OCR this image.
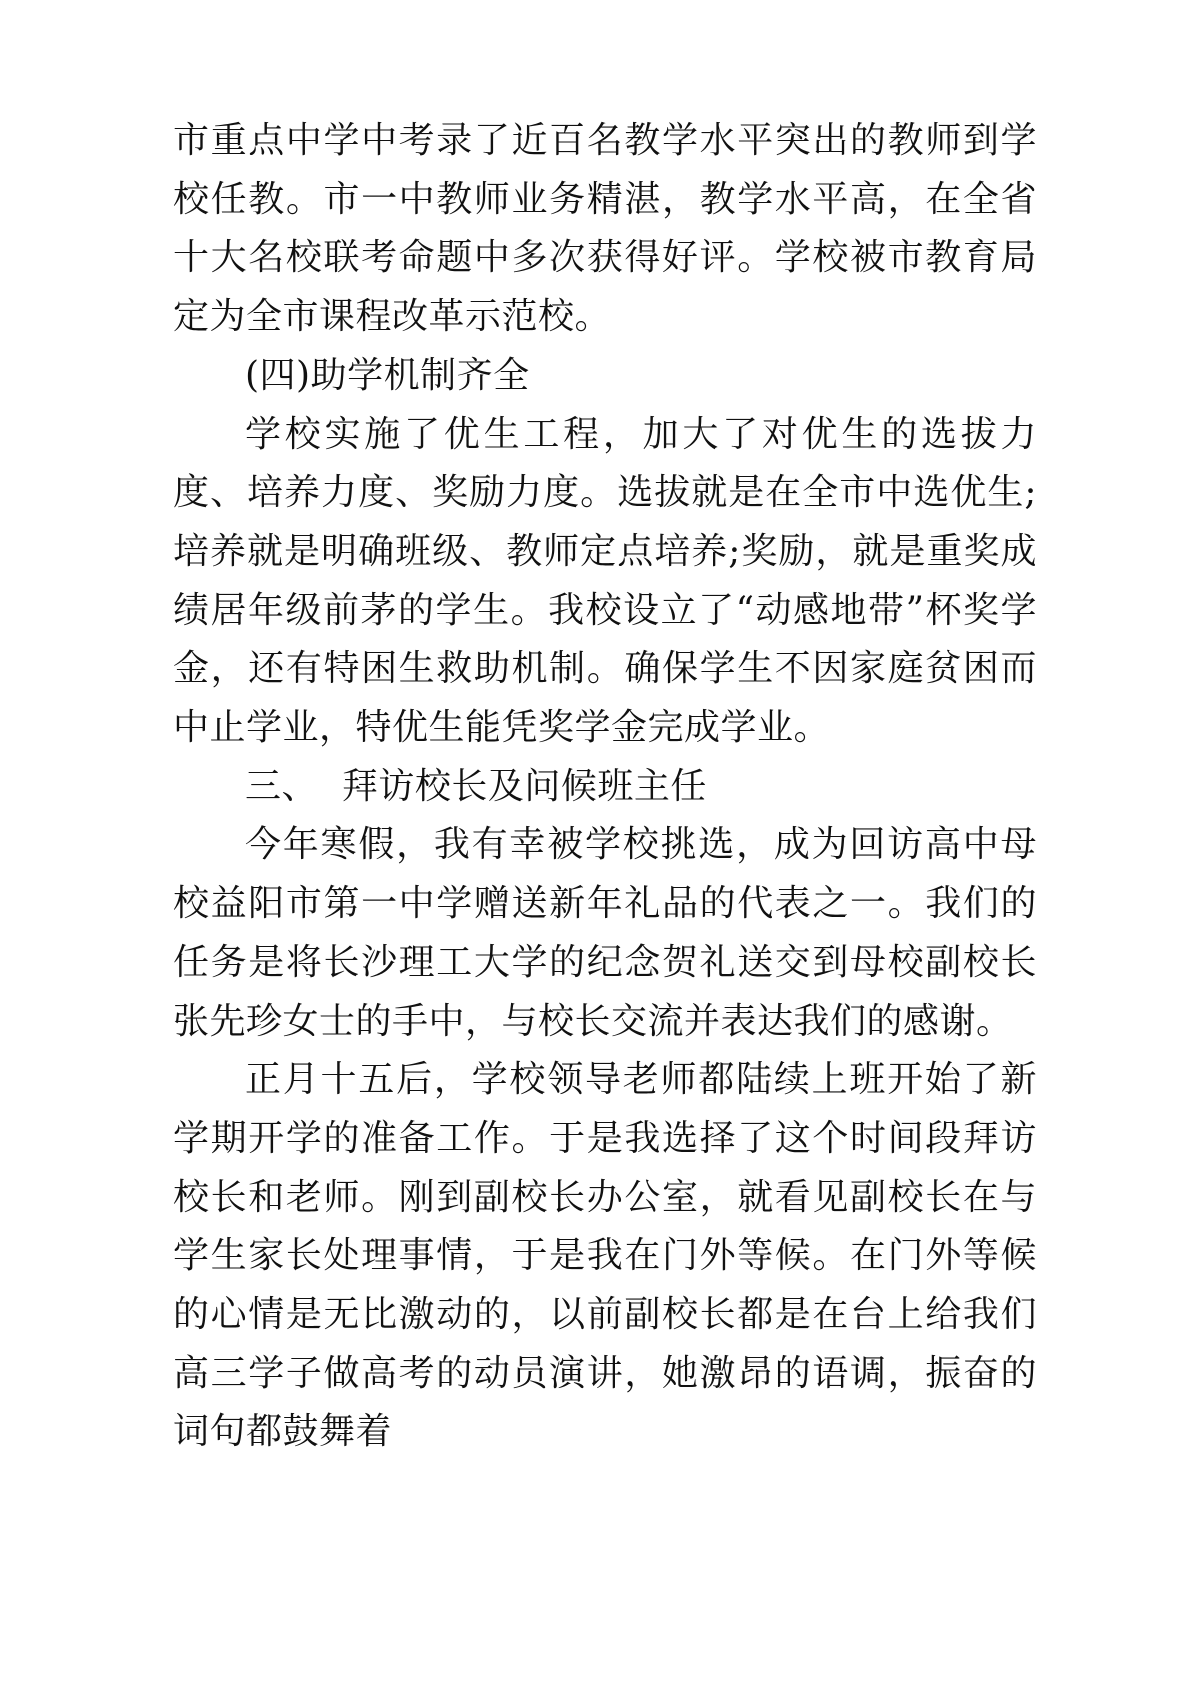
市重点中学中考录了近百名教学水平突出的教师到学校任教。市一中教师业务精湛，教学水平高，在全省十大名校联考命题中多次获得好评。学校被市教育局定为全市课程改革示范校。

(四)助学机制齐全

学校实施了优生工程，加大了对优生的选拔力度、培养力度、奖励力度。选拔就是在全市中选优生;培养就是明确班级、教师定点培养;奖励，就是重奖成绩居年级前茅的学生。我校设立了“动感地带”杯奖学金，还有特困生救助机制。确保学生不因家庭贫困而中止学业，特优生能凭奖学金完成学业。

三、  拜访校长及问候班主任

今年寒假，我有幸被学校挑选，成为回访高中母校益阳市第一中学赠送新年礼品的代表之一。我们的任务是将长沙理工大学的纪念贺礼送交到母校副校长张先珍女士的手中，与校长交流并表达我们的感谢。

正月十五后，学校领导老师都陆续上班开始了新学期开学的准备工作。于是我选择了这个时间段拜访校长和老师。刚到副校长办公室，就看见副校长在与学生家长处理事情，于是我在门外等候。在门外等候的心情是无比激动的，以前副校长都是在台上给我们高三学子做高考的动员演讲，她激昂的语调，振奋的词句都鼓舞着
